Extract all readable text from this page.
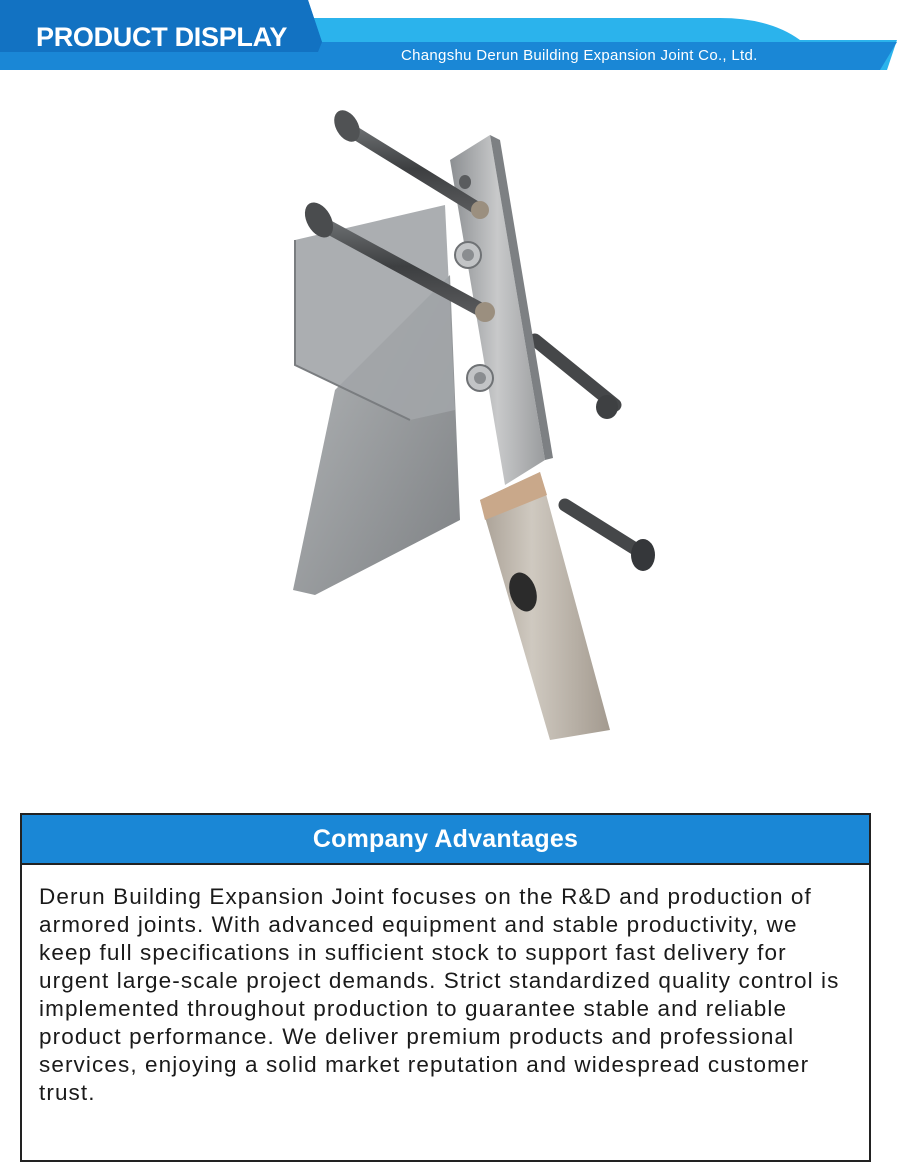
PRODUCT DISPLAY
Changshu Derun Building Expansion Joint Co., Ltd.
Company Advantages
Derun Building Expansion Joint focuses on the R&D and production of armored joints. With advanced equipment and stable productivity, we keep full specifications in sufficient stock to support fast delivery for urgent large-scale project demands. Strict standardized quality control is implemented throughout production to guarantee stable and reliable product performance. We deliver premium products and professional services, enjoying a solid market reputation and widespread customer trust.
